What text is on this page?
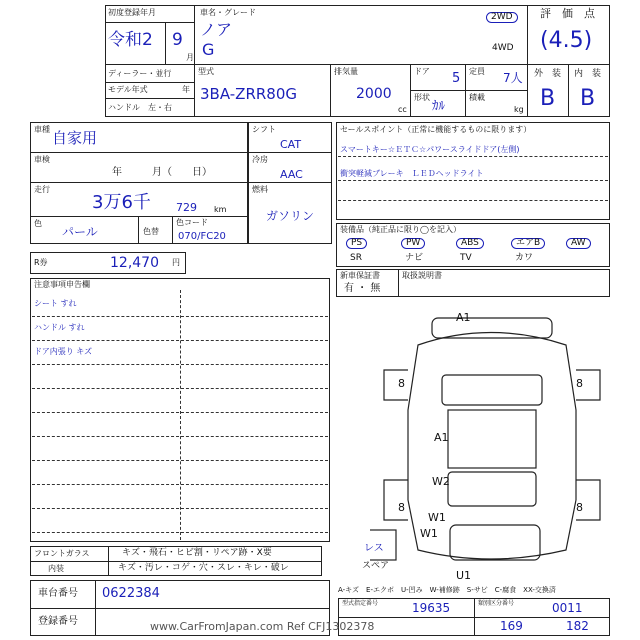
初度登録年月
令和2 9
月
車名・グレード
ノア
G
2WD
4WD
ディーラー・並行
モデル年式	年
ハンドル　左・右
型式
3BA-ZRR80G
排気量
2000
cc
ドア 5 定員 7人
形状
ｶﾙ
積載
kg
評　価　点
(4.5)
外　装 内　装
B B
車種 自家用
車検
年　　　月（　　日）
走行
3万6千 729 km
色
パール	色替
色コード
070/FC20
シフト
CAT
冷房
AAC
燃料
ガソリン
セールスポイント（正常に機能するものに限ります）
スマートキー☆ＥＴＣ☆パワースライドドア(左側)
衝突軽減ブレーキ　ＬＥＤヘッドライト
装備品（純正品に限り◯を記入）
PS	PW	ABS	エアB	AW
SR	ナビ	TV	カワ
新車保証書
有 ・ 無
取扱説明書
R券	12,470 円
注意事項申告欄
シート すれ
ハンドル すれ
ドア内張り キズ
A1
8	8
A1
W2
8	8
W1
W1
U1
レス
スペア
A-キズ　E-エクボ　U-凹み　W-補修跡　S-サビ　C-腐食　XX-交換済
フロントガラス	キズ・飛石・ヒビ割・リペア跡・X要
内装	キズ・汚レ・コゲ・穴・スレ・キレ・破レ
車台番号 0622384
登録番号
型式指定番号	19635	類別区分番号	0011
169	182
www.CarFromJapan.com Ref CFJ1302378
